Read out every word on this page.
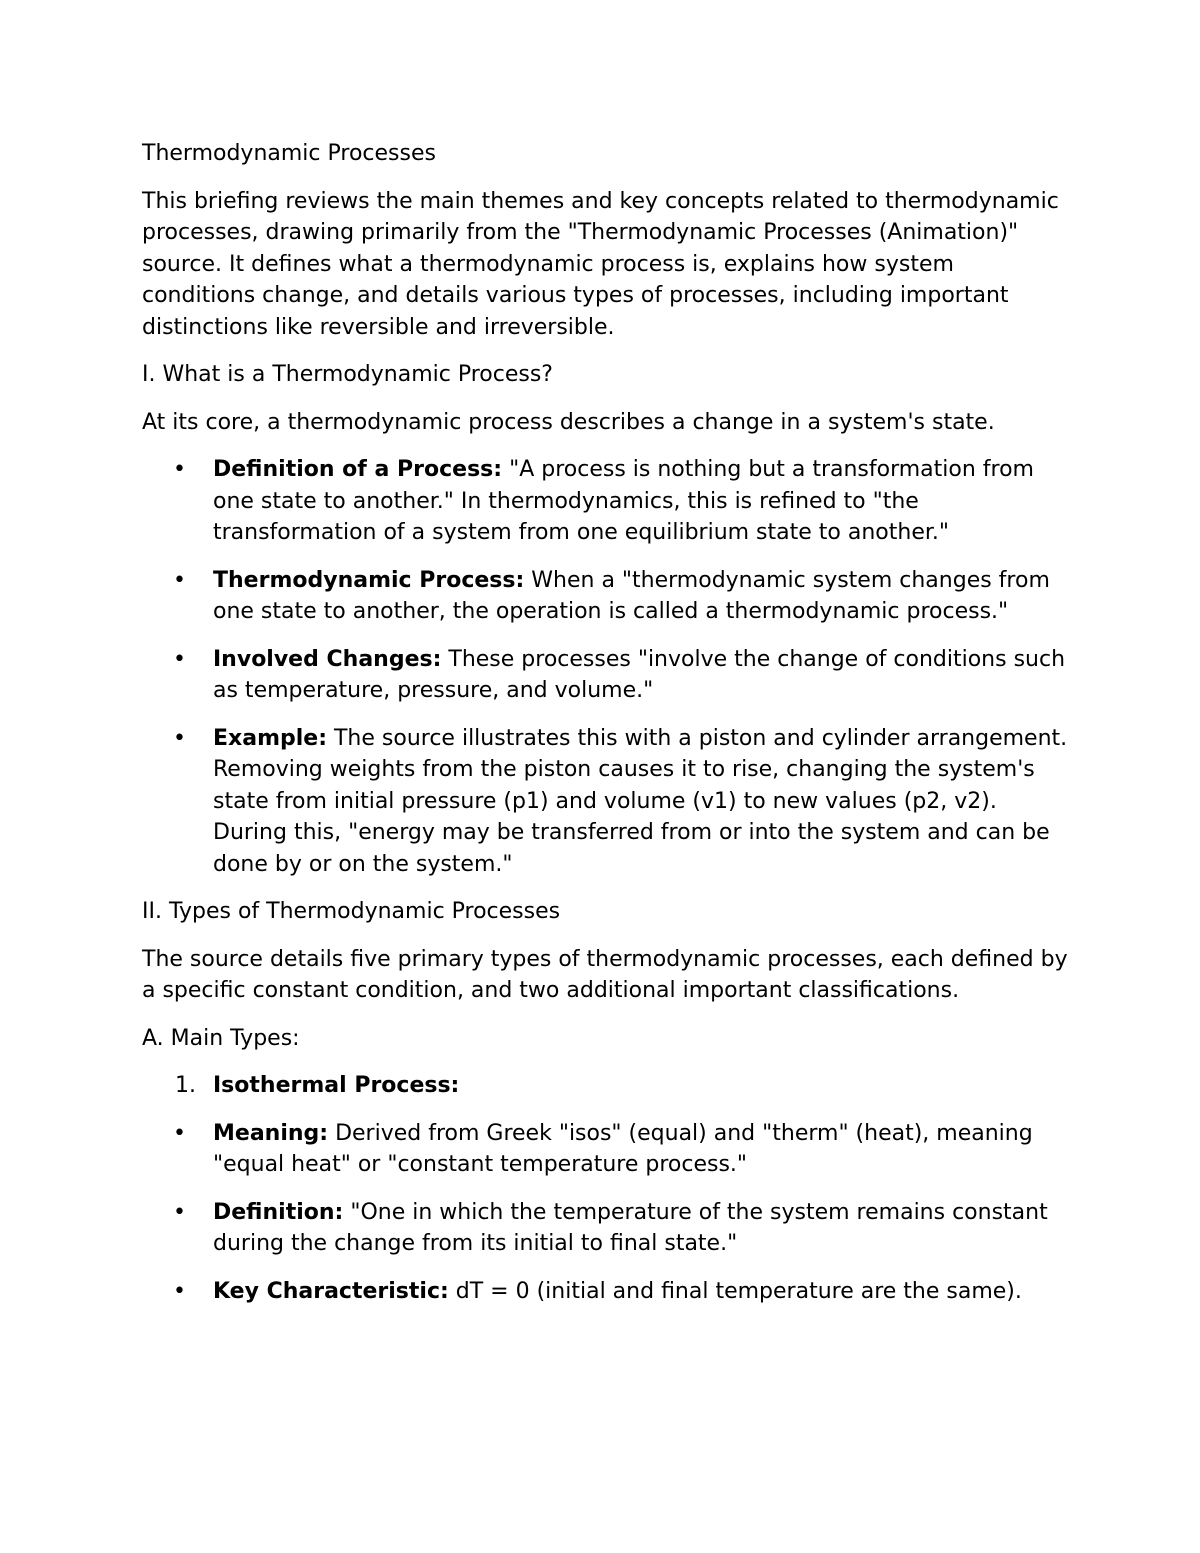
Thermodynamic Processes

This briefing reviews the main themes and key concepts related to thermodynamic processes, drawing primarily from the "Thermodynamic Processes (Animation)" source. It defines what a thermodynamic process is, explains how system conditions change, and details various types of processes, including important distinctions like reversible and irreversible.

I. What is a Thermodynamic Process?

At its core, a thermodynamic process describes a change in a system's state.

• Definition of a Process: "A process is nothing but a transformation from one state to another." In thermodynamics, this is refined to "the transformation of a system from one equilibrium state to another."
• Thermodynamic Process: When a "thermodynamic system changes from one state to another, the operation is called a thermodynamic process."
• Involved Changes: These processes "involve the change of conditions such as temperature, pressure, and volume."
• Example: The source illustrates this with a piston and cylinder arrangement. Removing weights from the piston causes it to rise, changing the system's state from initial pressure (p1) and volume (v1) to new values (p2, v2). During this, "energy may be transferred from or into the system and can be done by or on the system."

II. Types of Thermodynamic Processes

The source details five primary types of thermodynamic processes, each defined by a specific constant condition, and two additional important classifications.

A. Main Types:

1. Isothermal Process:
• Meaning: Derived from Greek "isos" (equal) and "therm" (heat), meaning "equal heat" or "constant temperature process."
• Definition: "One in which the temperature of the system remains constant during the change from its initial to final state."
• Key Characteristic: dT = 0 (initial and final temperature are the same).
